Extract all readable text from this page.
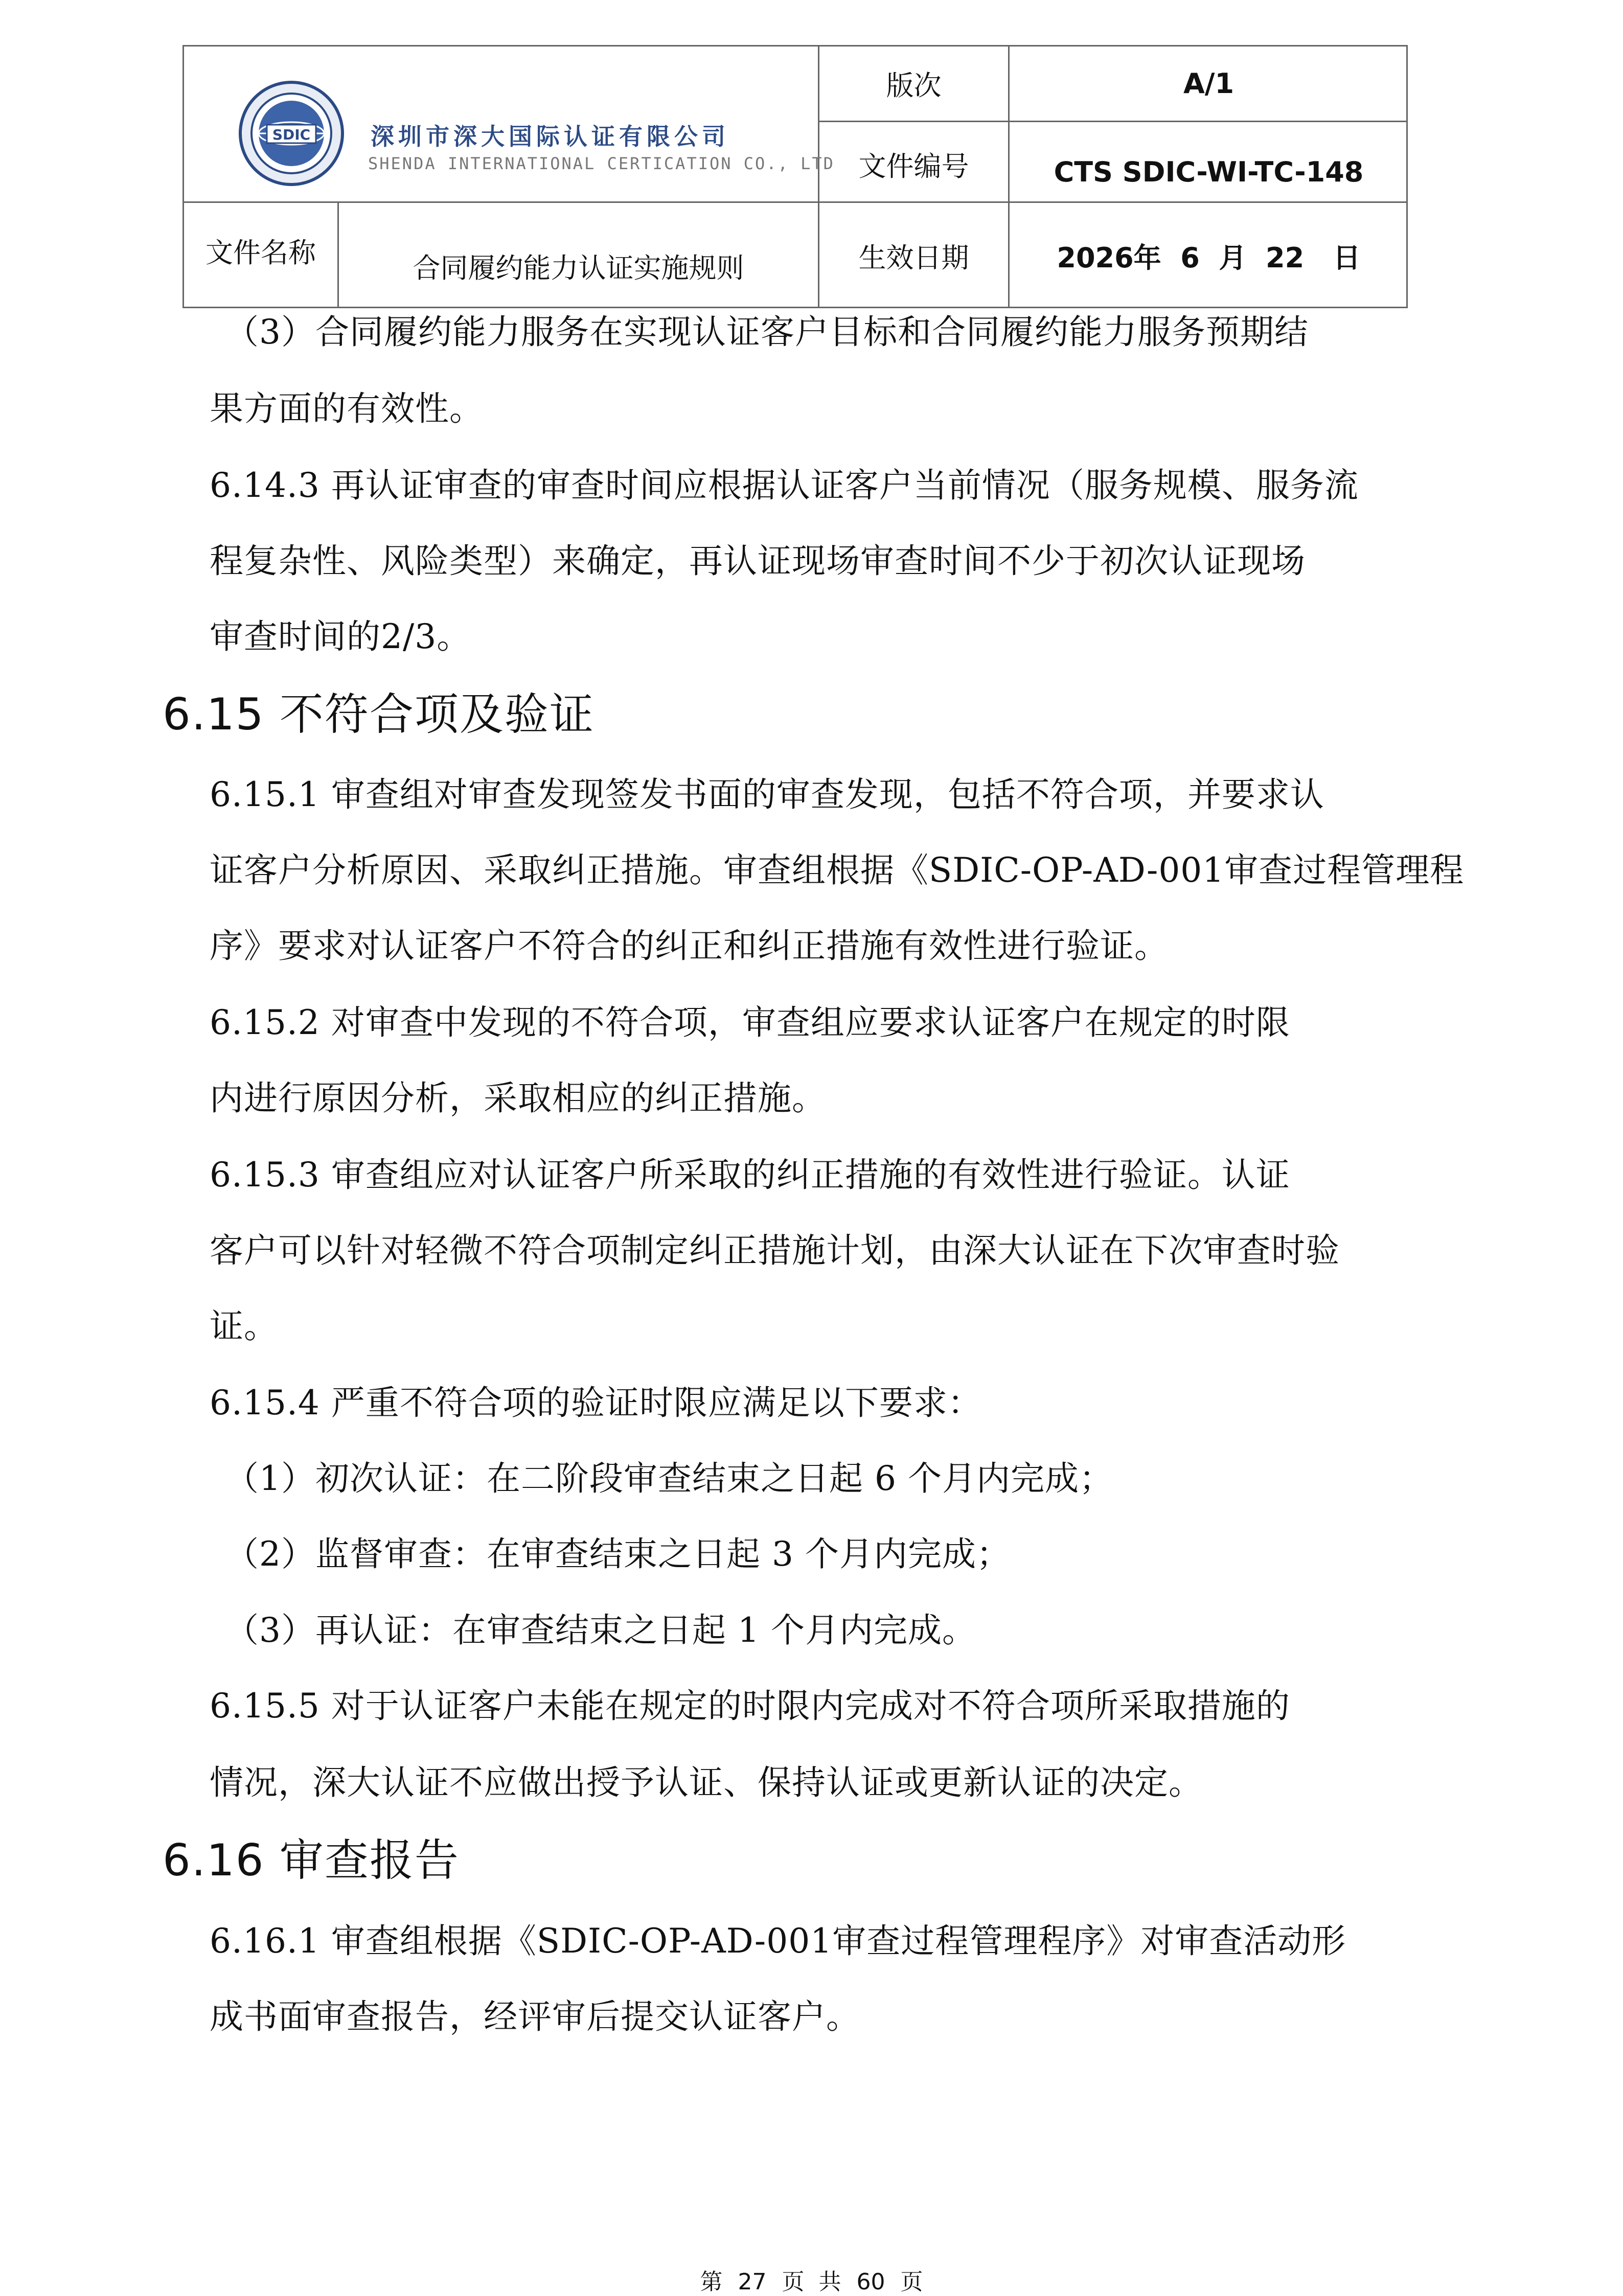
SDIC	深圳市深大国际认证有限公司
SHENDA INTERNATIONAL CERTICATION CO., LTD
版次	A/1
文件编号	CTS SDIC-WI-TC-148
文件名称	合同履约能力认证实施规则	生效日期	2026年  6  月  22   日
（3）合同履约能力服务在实现认证客户目标和合同履约能力服务预期结
果方面的有效性。
6.14.3 再认证审查的审查时间应根据认证客户当前情况（服务规模、服务流
程复杂性、风险类型）来确定，再认证现场审查时间不少于初次认证现场
审查时间的2/3。
6.15 不符合项及验证
6.15.1 审查组对审查发现签发书面的审查发现，包括不符合项，并要求认
证客户分析原因、采取纠正措施。审查组根据《SDIC-OP-AD-001审查过程管理程
序》要求对认证客户不符合的纠正和纠正措施有效性进行验证。
6.15.2 对审查中发现的不符合项，审查组应要求认证客户在规定的时限
内进行原因分析，采取相应的纠正措施。
6.15.3 审查组应对认证客户所采取的纠正措施的有效性进行验证。认证
客户可以针对轻微不符合项制定纠正措施计划，由深大认证在下次审查时验
证。
6.15.4 严重不符合项的验证时限应满足以下要求：
（1）初次认证：在二阶段审查结束之日起 6 个月内完成；
（2）监督审查：在审查结束之日起 3 个月内完成；
（3）再认证：在审查结束之日起 1 个月内完成。
6.15.5 对于认证客户未能在规定的时限内完成对不符合项所采取措施的
情况，深大认证不应做出授予认证、保持认证或更新认证的决定。
6.16 审查报告
6.16.1 审查组根据《SDIC-OP-AD-001审查过程管理程序》对审查活动形
成书面审查报告，经评审后提交认证客户。
第 27 页  共 60 页
